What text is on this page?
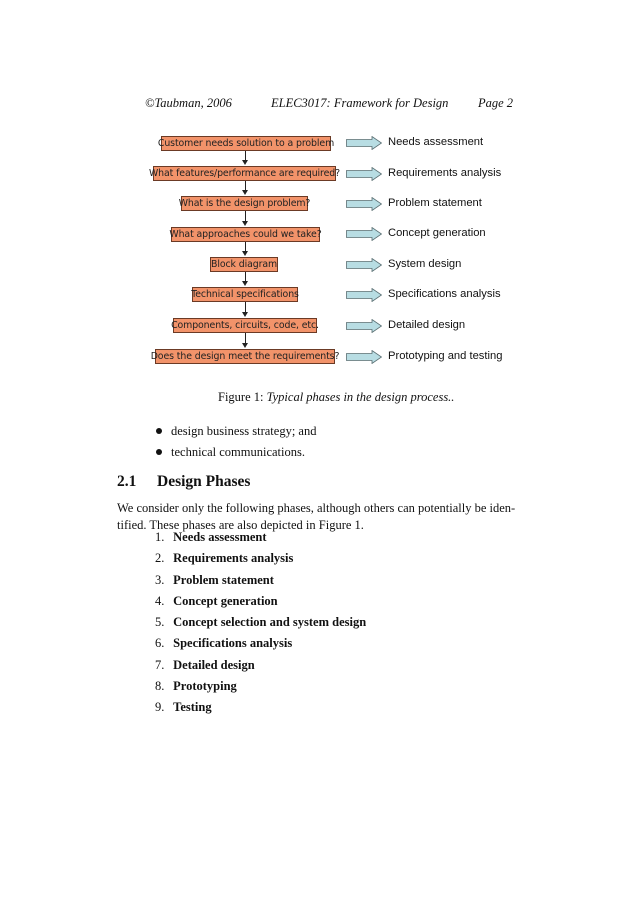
©Taubman, 2006	ELEC3017: Framework for Design Page 2
Customer needs solution to a problem
What features/performance are required?
What is the design problem?
What approaches could we take?
Block diagram
Technical specifications
Components, circuits, code, etc.
Does the design meet the requirements?
Needs assessment
Requirements analysis
Problem statement
Concept generation
System design
Specifications analysis
Detailed design
Prototyping and testing
Figure 1: Typical phases in the design process..
design business strategy; and
technical communications.
2.1 Design Phases
We consider only the following phases, although others can potentially be iden-
tified. These phases are also depicted in Figure 1.
1. Needs assessment
2. Requirements analysis
3. Problem statement
4. Concept generation
5. Concept selection and system design
6. Specifications analysis
7. Detailed design
8. Prototyping
9. Testing
